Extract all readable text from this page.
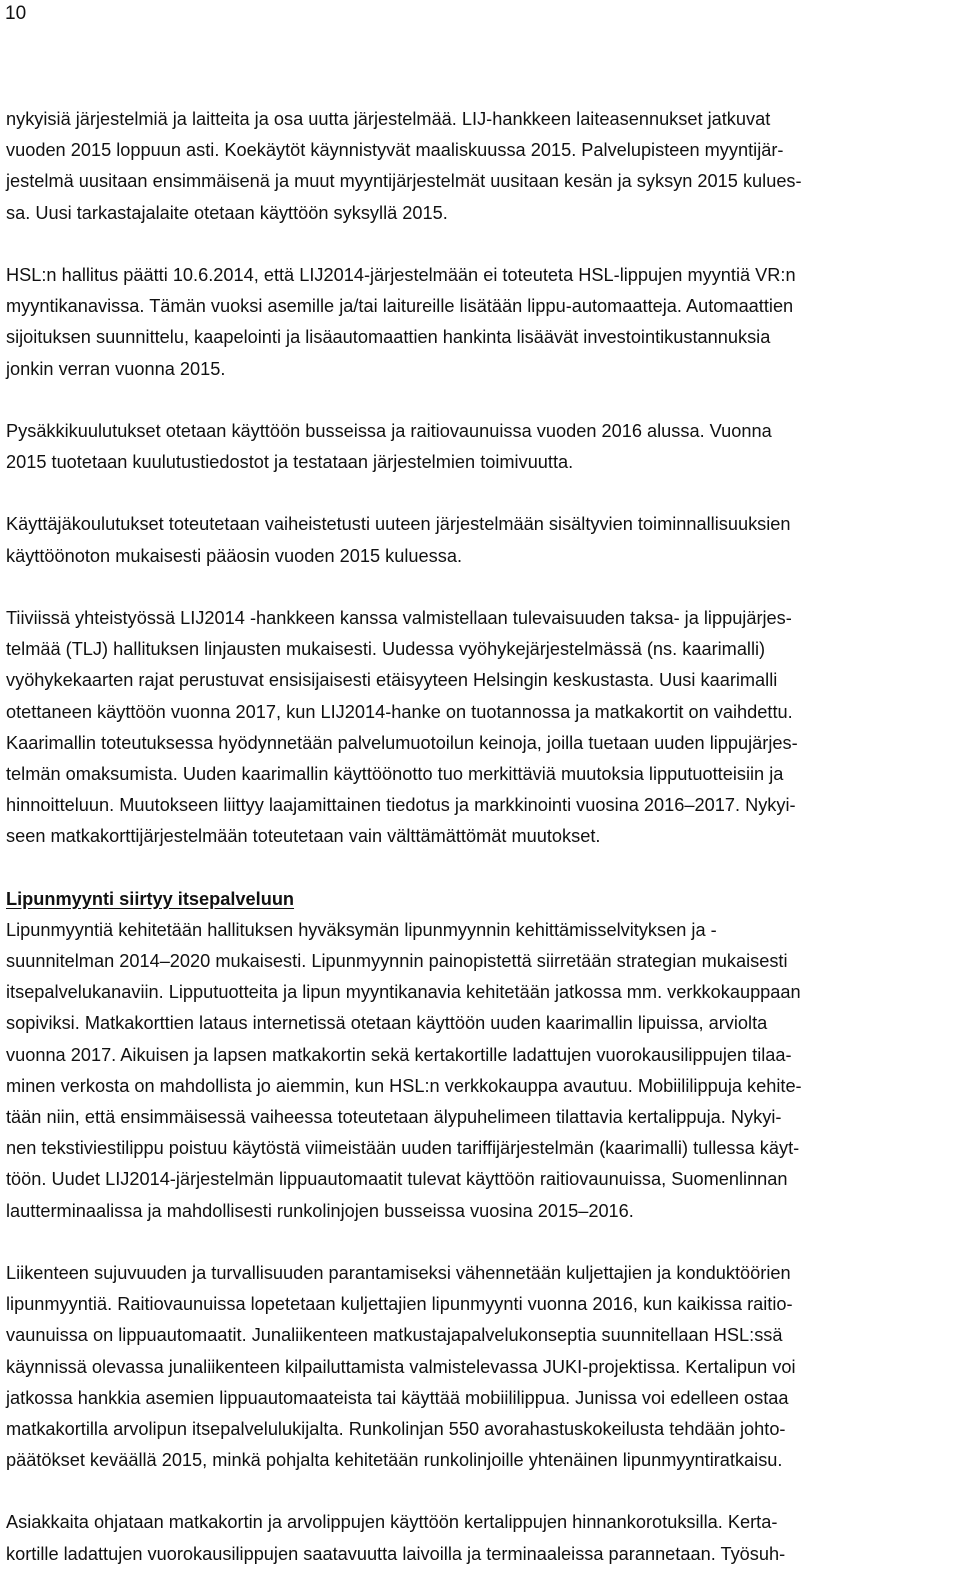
10

nykyisiä järjestelmiä ja laitteita ja osa uutta järjestelmää. LIJ-hankkeen laiteasennukset jatkuvat
vuoden 2015 loppuun asti. Koekäytöt käynnistyvät maaliskuussa 2015. Palvelupisteen myyntijär-
jestelmä uusitaan ensimmäisenä ja muut myyntijärjestelmät uusitaan kesän ja syksyn 2015 kulues-
sa. Uusi tarkastajalaite otetaan käyttöön syksyllä 2015.

HSL:n hallitus päätti 10.6.2014, että LIJ2014-järjestelmään ei toteuteta HSL-lippujen myyntiä VR:n
myyntikanavissa. Tämän vuoksi asemille ja/tai laitureille lisätään lippu-automaatteja. Automaattien
sijoituksen suunnittelu, kaapelointi ja lisäautomaattien hankinta lisäävät investointikustannuksia
jonkin verran vuonna 2015.

Pysäkkikuulutukset otetaan käyttöön busseissa ja raitiovaunuissa vuoden 2016 alussa. Vuonna
2015 tuotetaan kuulutustiedostot ja testataan järjestelmien toimivuutta.

Käyttäjäkoulutukset toteutetaan vaiheistetusti uuteen järjestelmään sisältyvien toiminnallisuuksien
käyttöönoton mukaisesti pääosin vuoden 2015 kuluessa.

Tiiviissä yhteistyössä LIJ2014 -hankkeen kanssa valmistellaan tulevaisuuden taksa- ja lippujärjes-
telmää (TLJ) hallituksen linjausten mukaisesti. Uudessa vyöhykejärjestelmässä (ns. kaarimalli)
vyöhykekaarten rajat perustuvat ensisijaisesti etäisyyteen Helsingin keskustasta. Uusi kaarimalli
otettaneen käyttöön vuonna 2017, kun LIJ2014-hanke on tuotannossa ja matkakortit on vaihdettu.
Kaarimallin toteutuksessa hyödynnetään palvelumuotoilun keinoja, joilla tuetaan uuden lippujärjes-
telmän omaksumista. Uuden kaarimallin käyttöönotto tuo merkittäviä muutoksia lipputuotteisiin ja
hinnoitteluun. Muutokseen liittyy laajamittainen tiedotus ja markkinointi vuosina 2016–2017. Nykyi-
seen matkakorttijärjestelmään toteutetaan vain välttämättömät muutokset.

Lipunmyynti siirtyy itsepalveluun

Lipunmyyntiä kehitetään hallituksen hyväksymän lipunmyynnin kehittämisselvityksen ja -
suunnitelman 2014–2020 mukaisesti. Lipunmyynnin painopistettä siirretään strategian mukaisesti
itsepalvelukanaviin. Lipputuotteita ja lipun myyntikanavia kehitetään jatkossa mm. verkkokauppaan
sopiviksi. Matkakorttien lataus internetissä otetaan käyttöön uuden kaarimallin lipuissa, arviolta
vuonna 2017. Aikuisen ja lapsen matkakortin sekä kertakortille ladattujen vuorokausilippujen tilaa-
minen verkosta on mahdollista jo aiemmin, kun HSL:n verkkokauppa avautuu. Mobiililippuja kehite-
tään niin, että ensimmäisessä vaiheessa toteutetaan älypuhelimeen tilattavia kertalippuja. Nykyi-
nen tekstiviestilippu poistuu käytöstä viimeistään uuden tariffijärjestelmän (kaarimalli) tullessa käyt-
töön. Uudet LIJ2014-järjestelmän lippuautomaatit tulevat käyttöön raitiovaunuissa, Suomenlinnan
lautterminaalissa ja mahdollisesti runkolinjojen busseissa vuosina 2015–2016.

Liikenteen sujuvuuden ja turvallisuuden parantamiseksi vähennetään kuljettajien ja konduktöörien
lipunmyyntiä. Raitiovaunuissa lopetetaan kuljettajien lipunmyynti vuonna 2016, kun kaikissa raitio-
vaunuissa on lippuautomaatit. Junaliikenteen matkustajapalvelukonseptia suunnitellaan HSL:ssä
käynnissä olevassa junaliikenteen kilpailuttamista valmistelevassa JUKI-projektissa. Kertalipun voi
jatkossa hankkia asemien lippuautomaateista tai käyttää mobiililippua. Junissa voi edelleen ostaa
matkakortilla arvolipun itsepalvelulukijalta. Runkolinjan 550 avorahastuskokeilusta tehdään johto-
päätökset keväällä 2015, minkä pohjalta kehitetään runkolinjoille yhtenäinen lipunmyyntiratkaisu.

Asiakkaita ohjataan matkakortin ja arvolippujen käyttöön kertalippujen hinnankorotuksilla. Kerta-
kortille ladattujen vuorokausilippujen saatavuutta laivoilla ja terminaaleissa parannetaan. Työsuh-
